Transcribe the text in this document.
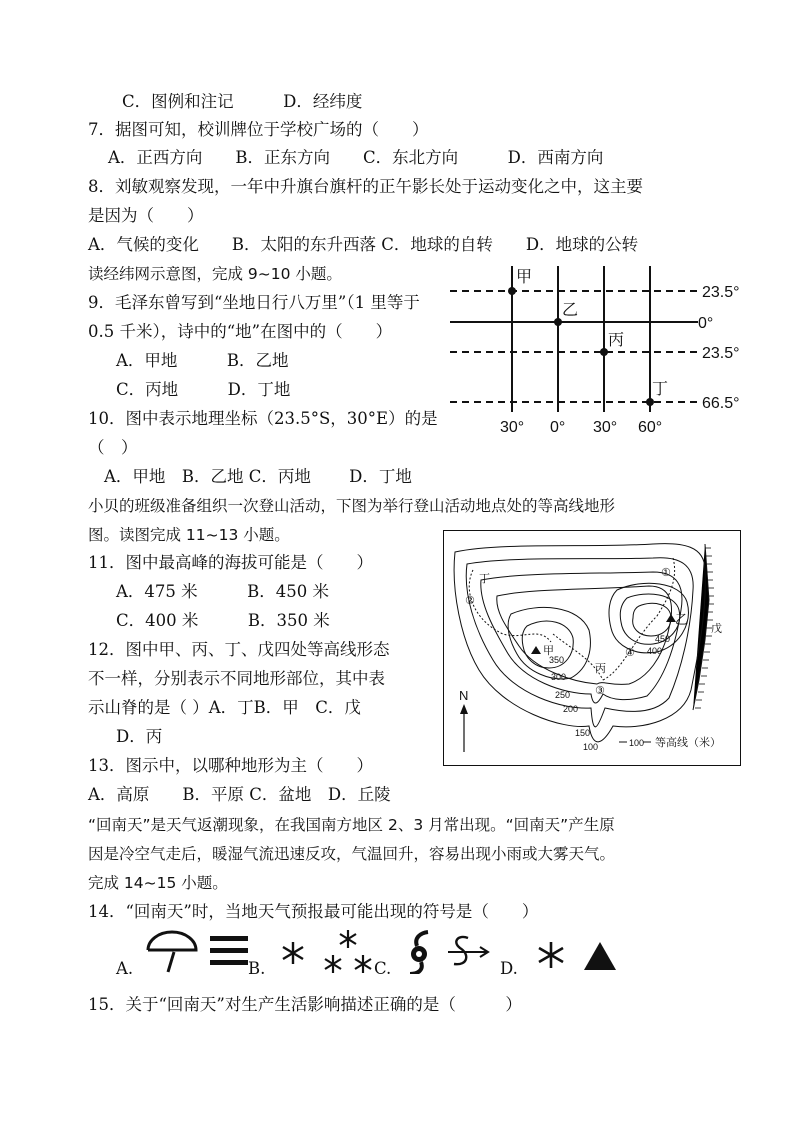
C．图例和注记　　　D．经纬度
7．据图可知，校训牌位于学校广场的（　　）
A．正西方向　　B．正东方向　　C．东北方向　　　D．西南方向
8．刘敏观察发现，一年中升旗台旗杆的正午影长处于运动变化之中，这主要
是因为（　　）
A．气候的变化　　B．太阳的东升西落 C．地球的自转　　D．地球的公转
读经纬网示意图，完成 9~10 小题。
9．毛泽东曾写到“坐地日行八万里”（1 里等于
0.5 千米），诗中的“地”在图中的（　　）
A．甲地　　　B．乙地
C．丙地　　　D．丁地
10．图中表示地理坐标（23.5°S，30°E）的是
（　）
A．甲地　B．乙地 C．丙地　　 D．丁地
小贝的班级准备组织一次登山活动，下图为举行登山活动地点处的等高线地形
图。读图完成 11~13 小题。
11．图中最高峰的海拔可能是（　　）
A．475 米　　　B．450 米
C．400 米　　　B．350 米
12．图中甲、丙、丁、戊四处等高线形态
不一样，分别表示不同地形部位，其中表
示山脊的是（ ）A．丁B．甲　C．戊
D．丙
13．图示中，以哪种地形为主（　　）
A．高原　　B．平原 C．盆地　D．丘陵
“回南天”是天气返潮现象，在我国南方地区 2、3 月常出现。“回南天”产生原
因是冷空气走后，暖湿气流迅速反攻，气温回升，容易出现小雨或大雾天气。
完成 14~15 小题。
14．“回南天”时，当地天气预报最可能出现的符号是（　　）
15．关于“回南天”对生产生活影响描述正确的是（　　　）
A.	B.	C.	D.
甲
乙
丙
丁
23.5°
0°
23.5°
66.5°
30° 0° 30° 60°
甲
乙
丙
丁
戊
350
300
250
200
150
100
450
400
①
②
③
④
N
100 等高线（米）
